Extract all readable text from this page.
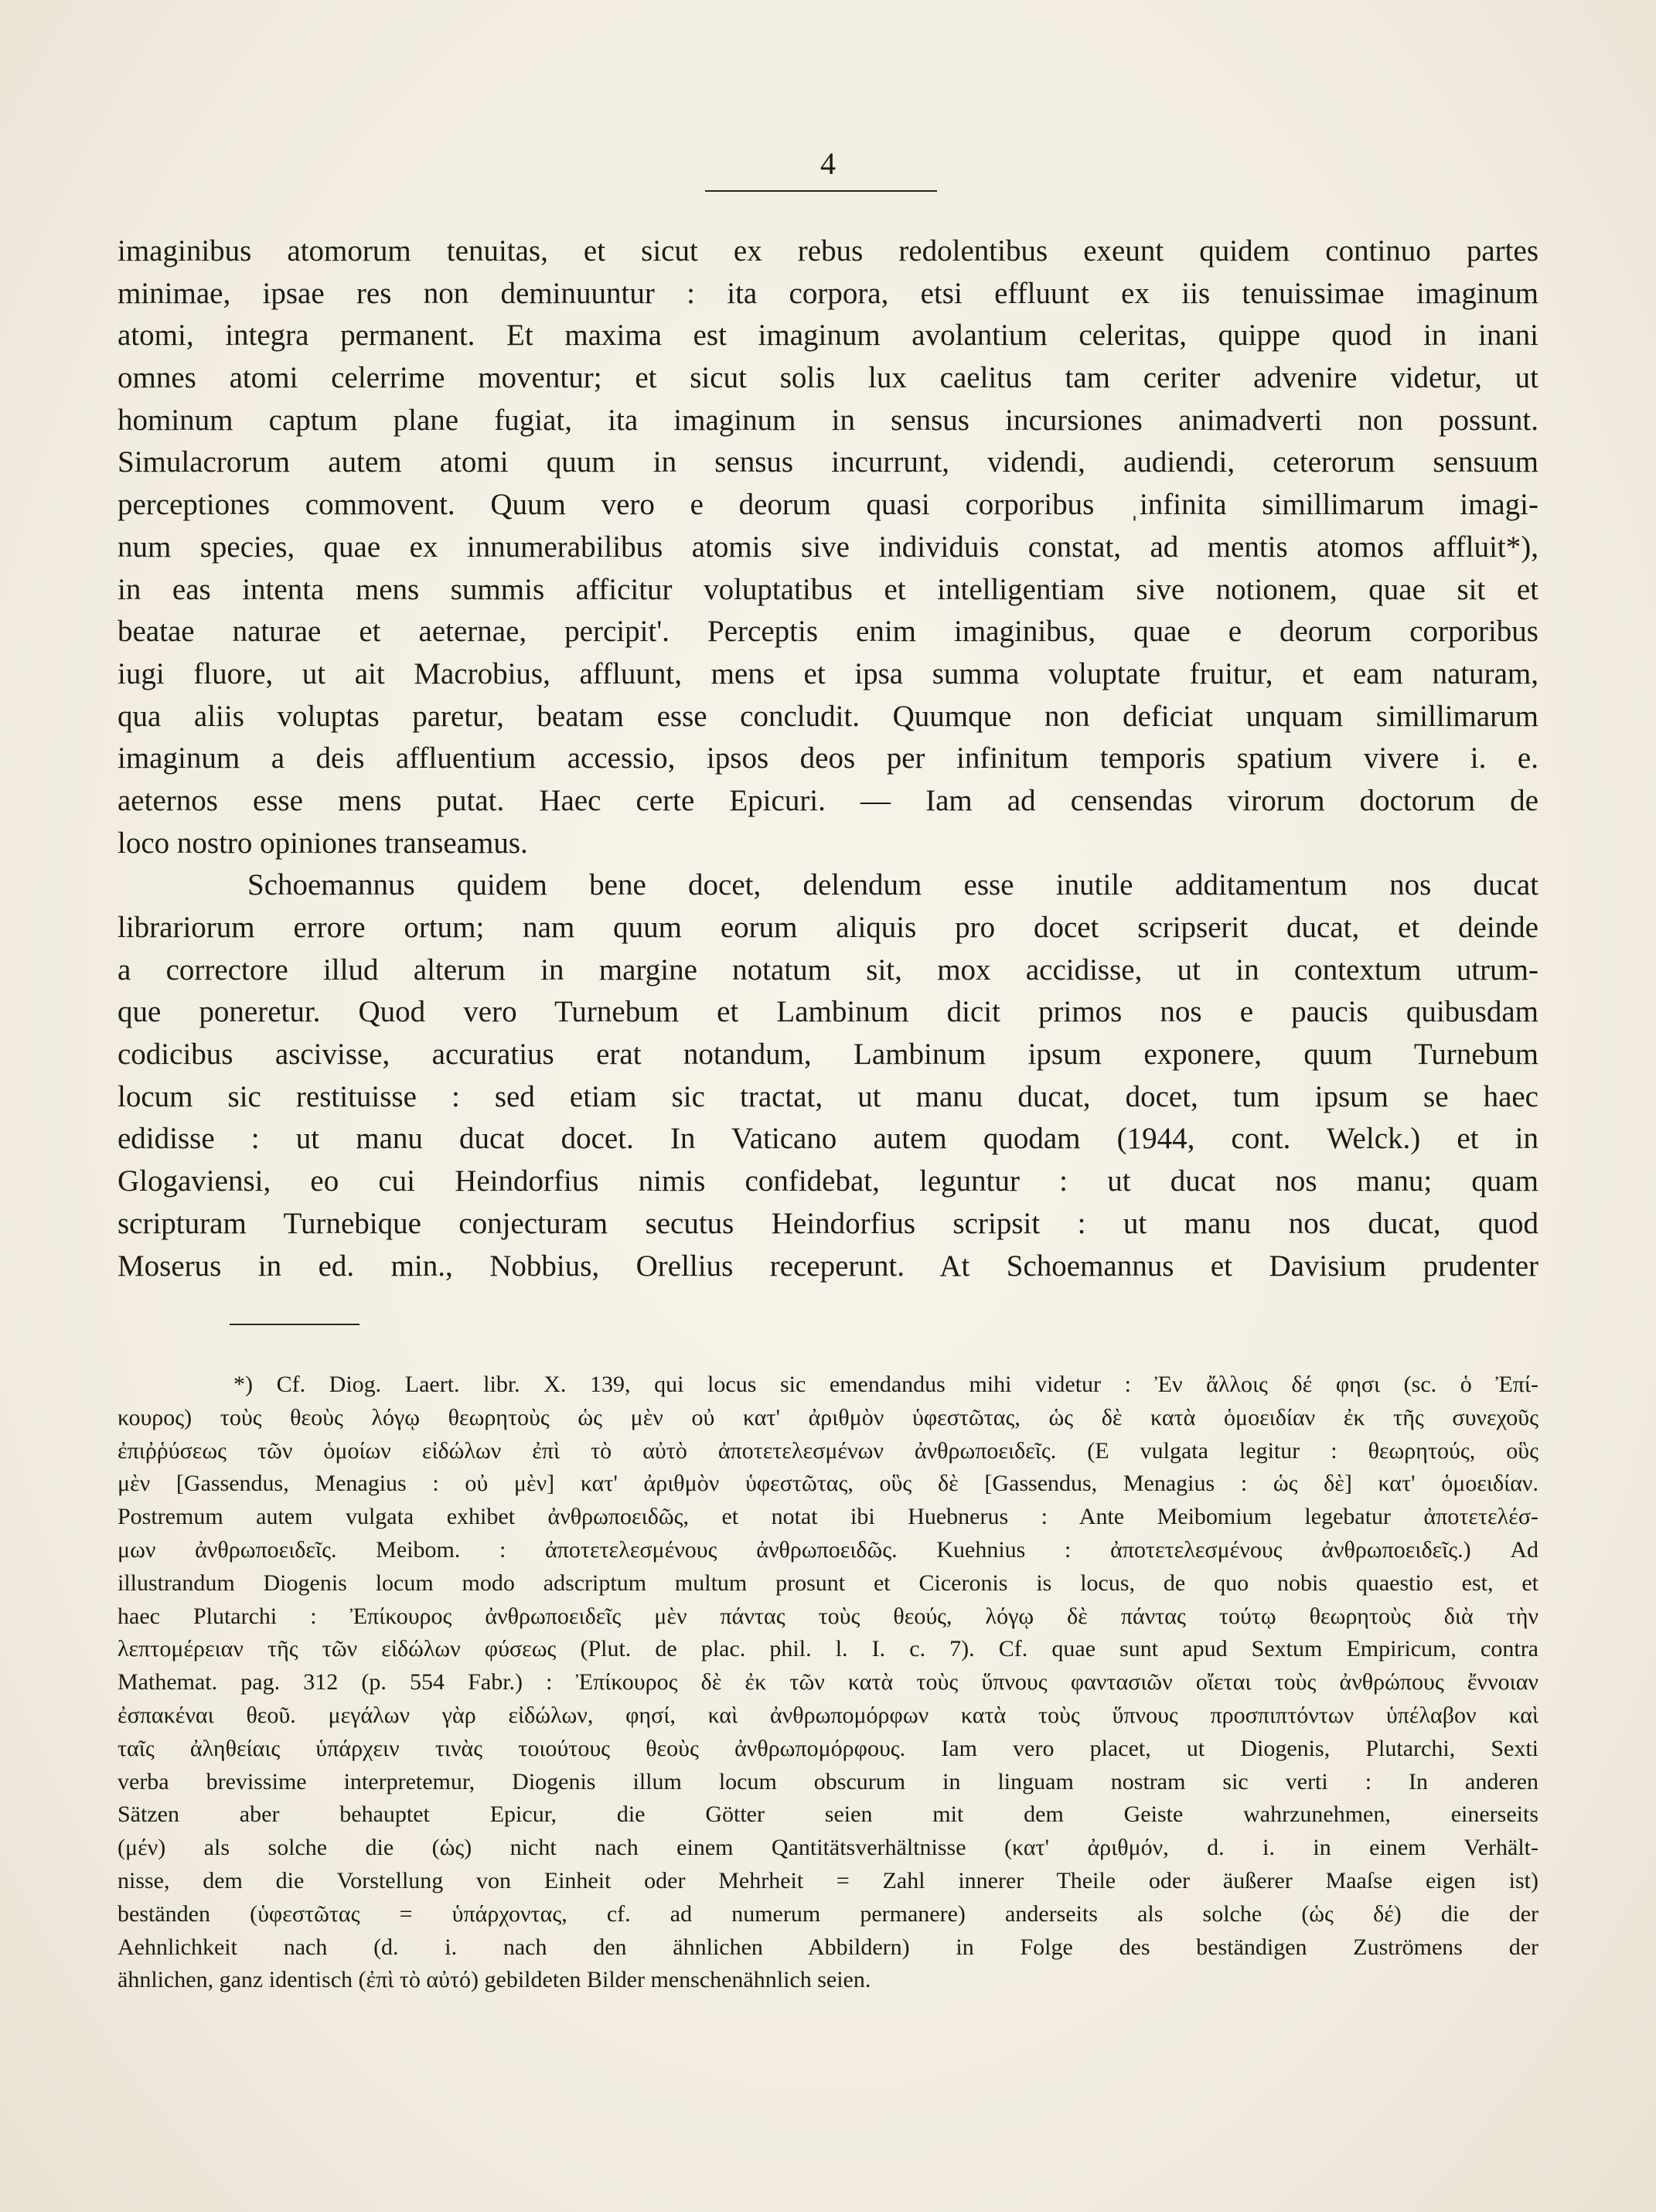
4
imaginibus atomorum tenuitas, et sicut ex rebus redolentibus exeunt quidem continuo partes
minimae, ipsae res non deminuuntur : ita corpora, etsi effluunt ex iis tenuissimae imaginum
atomi, integra permanent. Et maxima est imaginum avolantium celeritas, quippe quod in inani
omnes atomi celerrime moventur; et sicut solis lux caelitus tam ceriter advenire videtur, ut
hominum captum plane fugiat, ita imaginum in sensus incursiones animadverti non possunt.
Simulacrorum autem atomi quum in sensus incurrunt, videndi, audiendi, ceterorum sensuum
perceptiones commovent. Quum vero e deorum quasi corporibus ˌinfinita simillimarum imagi-
num species, quae ex innumerabilibus atomis sive individuis constat, ad mentis atomos affluit*),
in eas intenta mens summis afficitur voluptatibus et intelligentiam sive notionem, quae sit et
beatae naturae et aeternae, percipit'. Perceptis enim imaginibus, quae e deorum corporibus
iugi fluore, ut ait Macrobius, affluunt, mens et ipsa summa voluptate fruitur, et eam naturam,
qua aliis voluptas paretur, beatam esse concludit. Quumque non deficiat unquam simillimarum
imaginum a deis affluentium accessio, ipsos deos per infinitum temporis spatium vivere i. e.
aeternos esse mens putat. Haec certe Epicuri. — Iam ad censendas virorum doctorum de
loco nostro opiniones transeamus.
Schoemannus quidem bene docet, delendum esse inutile additamentum nos ducat
librariorum errore ortum; nam quum eorum aliquis pro docet scripserit ducat, et deinde
a correctore illud alterum in margine notatum sit, mox accidisse, ut in contextum utrum-
que poneretur. Quod vero Turnebum et Lambinum dicit primos nos e paucis quibusdam
codicibus ascivisse, accuratius erat notandum, Lambinum ipsum exponere, quum Turnebum
locum sic restituisse : sed etiam sic tractat, ut manu ducat, docet, tum ipsum se haec
edidisse : ut manu ducat docet. In Vaticano autem quodam (1944, cont. Welck.) et in
Glogaviensi, eo cui Heindorfius nimis confidebat, leguntur : ut ducat nos manu; quam
scripturam Turnebique conjecturam secutus Heindorfius scripsit : ut manu nos ducat, quod
Moserus in ed. min., Nobbius, Orellius receperunt. At Schoemannus et Davisium prudenter
*) Cf. Diog. Laert. libr. X. 139, qui locus sic emendandus mihi videtur : Ἐν ἄλλοις δέ φησι (sc. ὁ Ἐπί-
κουρος) τοὺς θεοὺς λόγῳ θεωρητοὺς ὡς μὲν οὐ κατ' ἀριθμὸν ὑφεστῶτας, ὡς δὲ κατὰ ὁμοειδίαν ἐκ τῆς συνεχοῦς
ἐπιῤῥύσεως τῶν ὁμοίων εἰδώλων ἐπὶ τὸ αὐτὸ ἀποτετελεσμένων ἀνθρωποειδεῖς. (E vulgata legitur : θεωρητούς, οὓς
μὲν [Gassendus, Menagius : οὐ μὲν] κατ' ἀριθμὸν ὑφεστῶτας, οὓς δὲ [Gassendus, Menagius : ὡς δὲ] κατ' ὁμοειδίαν.
Postremum autem vulgata exhibet ἀνθρωποειδῶς, et notat ibi Huebnerus : Ante Meibomium legebatur ἀποτετελέσ-
μων ἀνθρωποειδεῖς. Meibom. : ἀποτετελεσμένους ἀνθρωποειδῶς. Kuehnius : ἀποτετελεσμένους ἀνθρωποειδεῖς.) Ad
illustrandum Diogenis locum modo adscriptum multum prosunt et Ciceronis is locus, de quo nobis quaestio est, et
haec Plutarchi : Ἐπίκουρος ἀνθρωποειδεῖς μὲν πάντας τοὺς θεούς, λόγῳ δὲ πάντας τούτῳ θεωρητοὺς διὰ τὴν
λεπτομέρειαν τῆς τῶν εἰδώλων φύσεως (Plut. de plac. phil. l. I. c. 7). Cf. quae sunt apud Sextum Empiricum, contra
Mathemat. pag. 312 (p. 554 Fabr.) : Ἐπίκουρος δὲ ἐκ τῶν κατὰ τοὺς ὕπνους φαντασιῶν οἴεται τοὺς ἀνθρώπους ἔννοιαν
ἐσπακέναι θεοῦ. μεγάλων γὰρ εἰδώλων, φησί, καὶ ἀνθρωπομόρφων κατὰ τοὺς ὕπνους προσπιπτόντων ὑπέλαβον καὶ
ταῖς ἀληθείαις ὑπάρχειν τινὰς τοιούτους θεοὺς ἀνθρωπομόρφους. Iam vero placet, ut Diogenis, Plutarchi, Sexti
verba brevissime interpretemur, Diogenis illum locum obscurum in linguam nostram sic verti : In anderen
Sätzen aber behauptet Epicur, die Götter seien mit dem Geiste wahrzunehmen, einerseits
(μέν) als solche die (ὡς) nicht nach einem Qantitätsverhältnisse (κατ' ἀριθμόν, d. i. in einem Verhält-
nisse, dem die Vorstellung von Einheit oder Mehrheit = Zahl innerer Theile oder äußerer Maaſse eigen ist)
beständen (ὑφεστῶτας = ὑπάρχοντας, cf. ad numerum permanere) anderseits als solche (ὡς δέ) die der
Aehnlichkeit nach (d. i. nach den ähnlichen Abbildern) in Folge des beständigen Zuströmens der
ähnlichen, ganz identisch (ἐπὶ τὸ αὐτό) gebildeten Bilder menschenähnlich seien.
